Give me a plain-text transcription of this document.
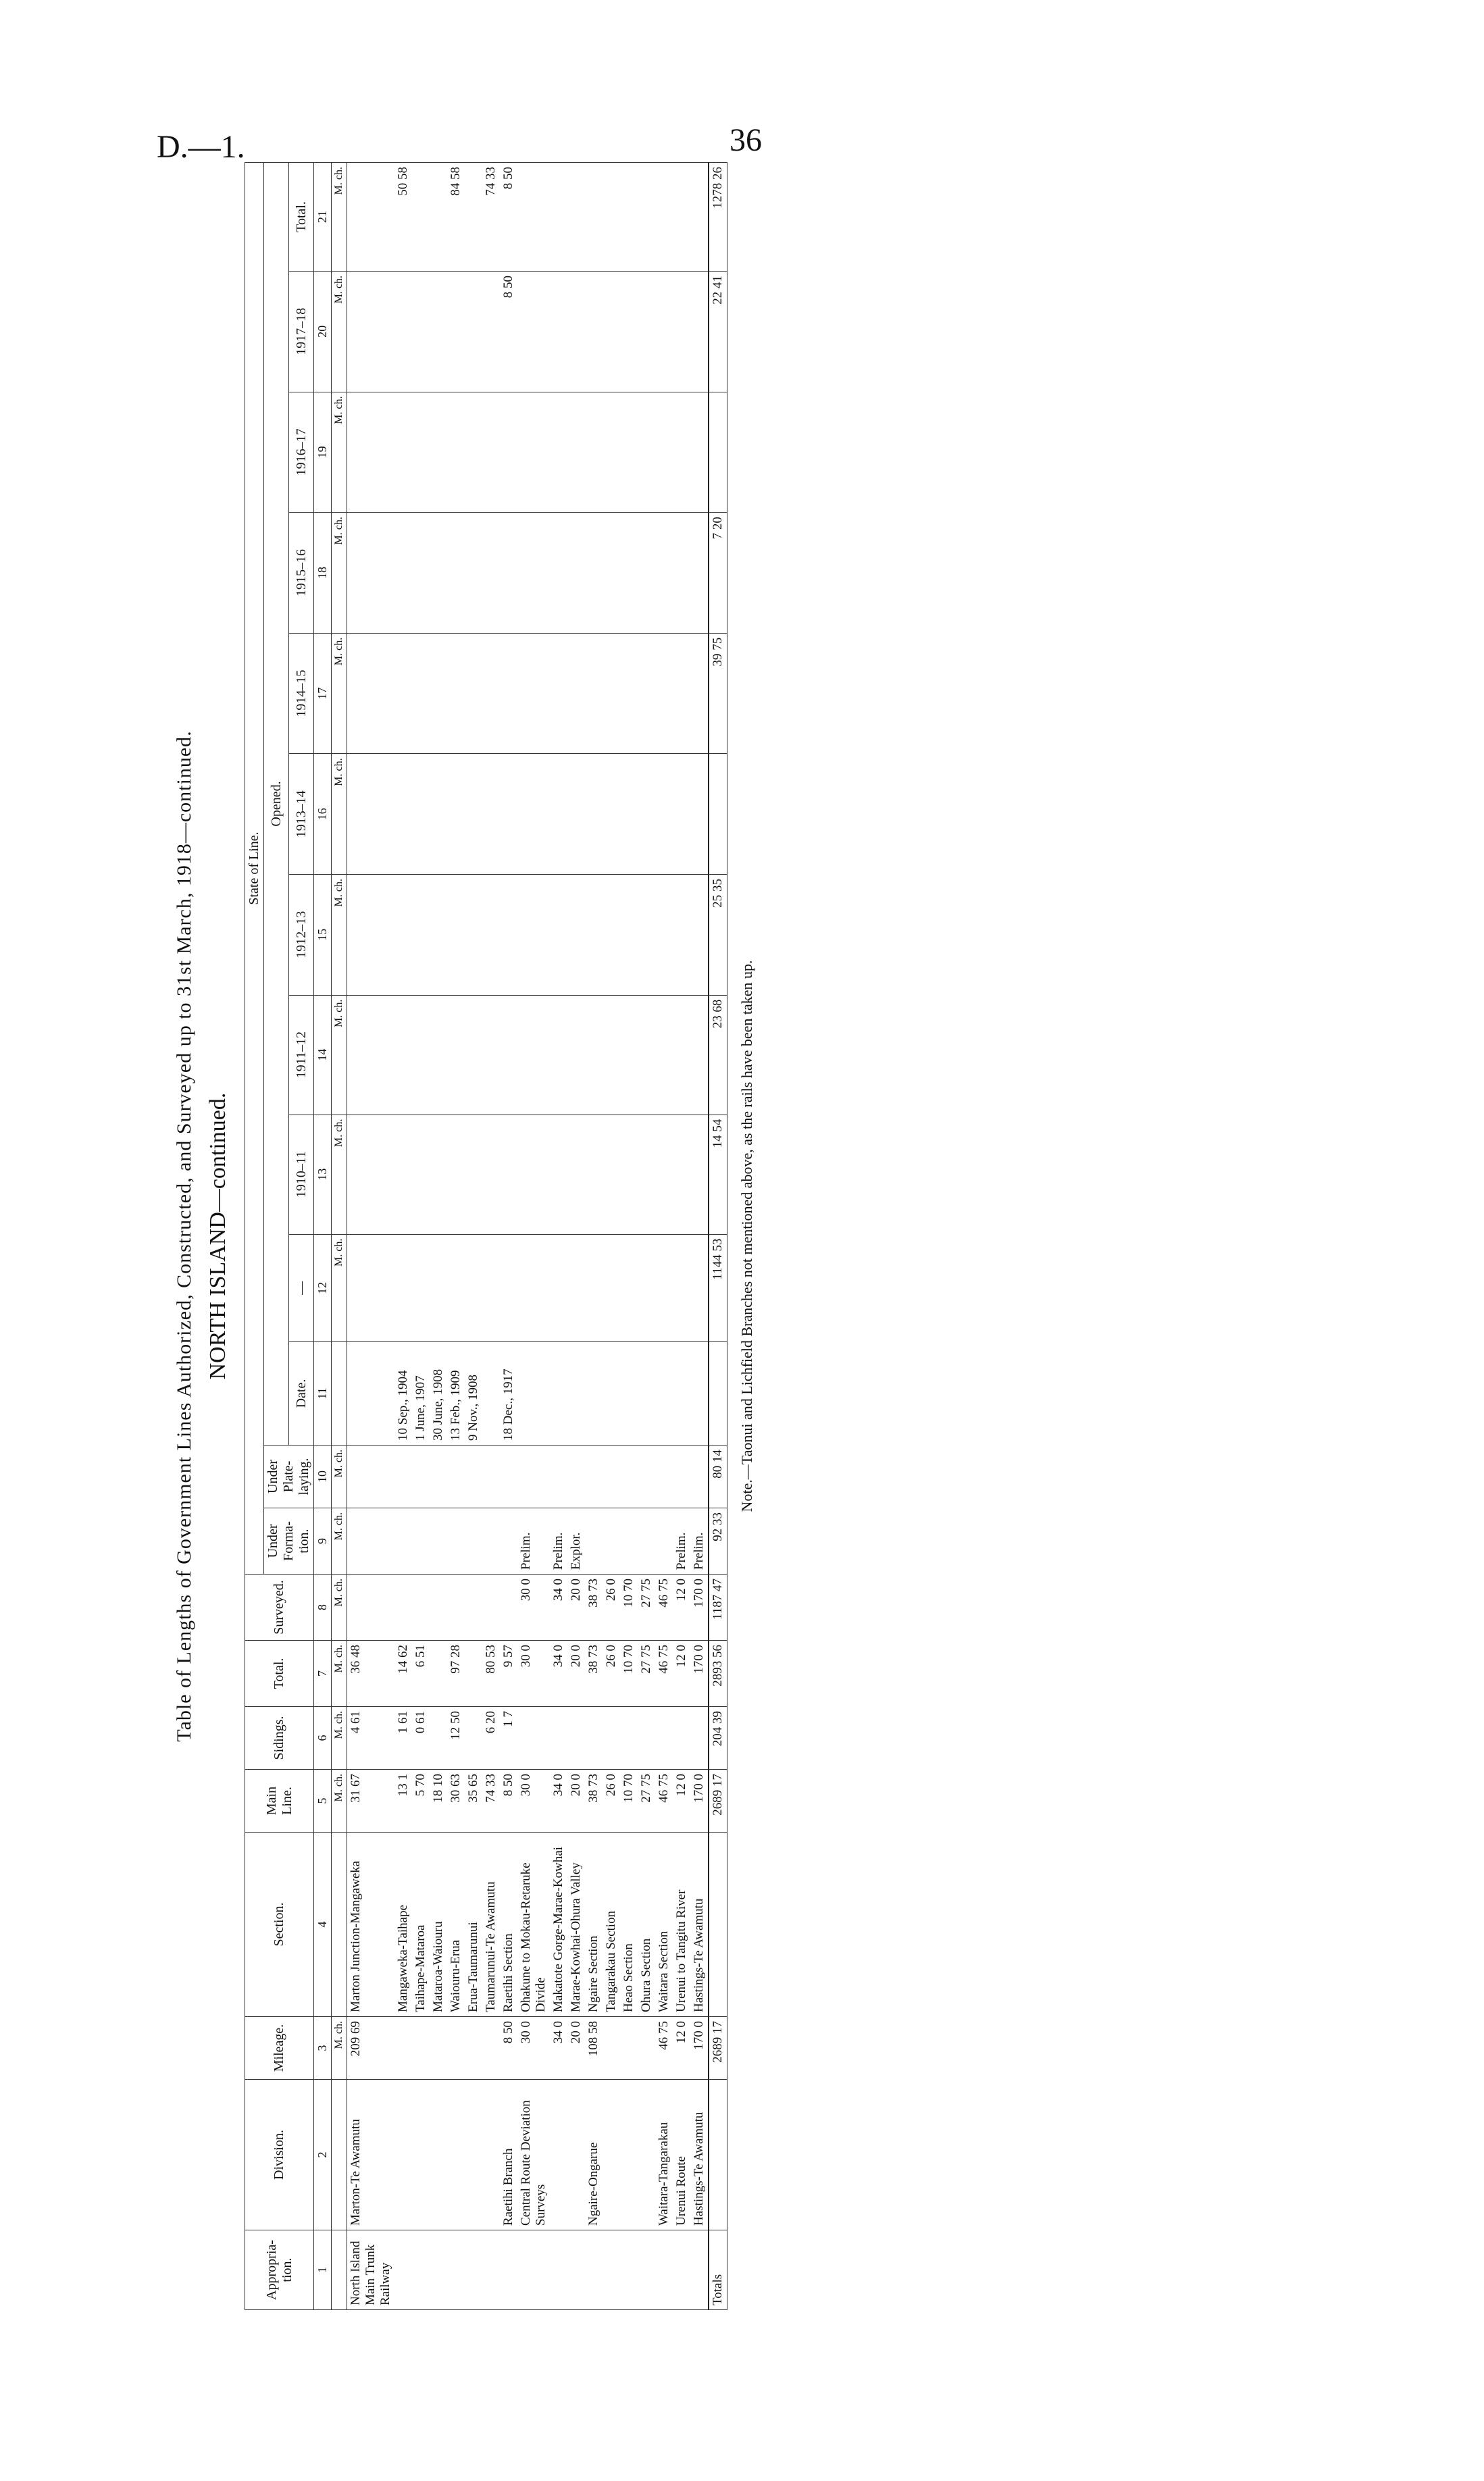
D.—1.	36
Table of Lengths of Government Lines Authorized, Constructed, and Surveyed up to 31st March, 1918—continued. NORTH ISLAND—continued.
Appropria-tion.	Division.	Mileage.	Section.	Main Line.	Sidings.	Total.	Surveyed.	State of Line.												
								Under Forma-tion.	Under Plate-laying.	Opened.										
										Date.	—	1910–11	1911–12	1912–13	1913–14	1914–15	1915–16	1916–17	1917–18	Total.
1	2	3	4	5	6	7	8	9	10	11	12	13	14	15	16	17	18	19	20	21
		M. ch.		M. ch.	M. ch.	M. ch.	M. ch.	M. ch.	M. ch.		M. ch.	M. ch.	M. ch.	M. ch.	M. ch.	M. ch.	M. ch.	M. ch.	M. ch.	M. ch.
North Island Main Trunk Railway	Marton-Te Awamutu	209 69	Marton Junction-Mangaweka	31 67	4 61	36 48														
			Mangaweka-Taihape	13 1	1 61	14 62				10 Sep., 1904										50 58
			Taihape-Mataroa	5 70	0 61	6 51				1 June, 1907										
			Mataroa-Waiouru	18 10						30 June, 1908										
			Waiouru-Erua	30 63	12 50	97 28				13 Feb., 1909										84 58
			Erua-Taumarunui	35 65						9 Nov., 1908										
			Taumarunui-Te Awamutu	74 33	6 20	80 53														74 33
	Raetihi Branch	8 50	Raetihi Section	8 50	1 7	9 57				18 Dec., 1917									8 50	8 50
	Central Route Deviation Surveys	30 0	Ohakune to Mokau-Retaruke Divide	30 0		30 0	30 0	Prelim.												
		34 0	Makatote Gorge-Marae-Kowhai	34 0		34 0	34 0	Prelim.												
		20 0	Marae-Kowhai-Ohura Valley	20 0		20 0	20 0	Explor.												
	Ngaire-Ongarue	108 58	Ngaire Section	38 73		38 73	38 73													
			Tangarakau Section	26 0		26 0	26 0													
			Heao Section	10 70		10 70	10 70													
			Ohura Section	27 75		27 75	27 75													
	Waitara-Tangarakau	46 75	Waitara Section	46 75		46 75	46 75													
	Urenui Route	12 0	Urenui to Tangitu River	12 0		12 0	12 0	Prelim.												
	Hastings-Te Awamutu	170 0	Hastings-Te Awamutu	170 0		170 0	170 0	Prelim.												
Totals		2689 17		2689 17	204 39	2893 56	1187 47	92 33	80 14		1144 53	14 54	23 68	25 35		39 75	7 20		22 41	1278 26
Note.—Taonui and Lichfield Branches not mentioned above, as the rails have been taken up.
